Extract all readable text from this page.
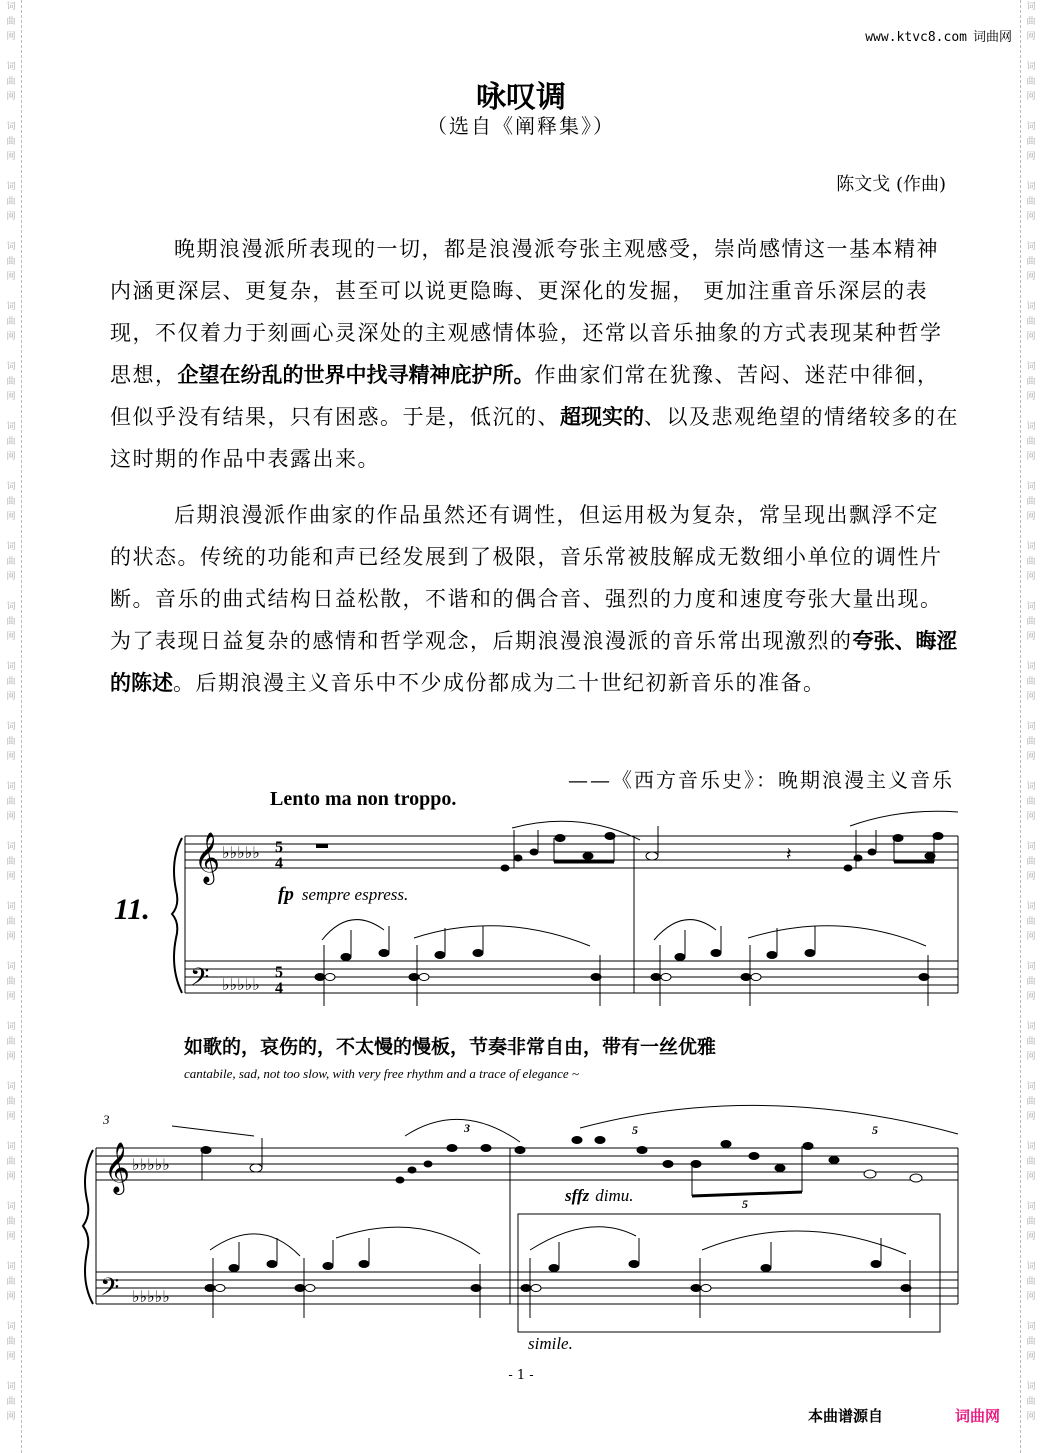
词
曲
网
词
曲
网
词
曲
网
词
曲
网
词
曲
网
词
曲
网
词
曲
网
词
曲
网
词
曲
网
词
曲
网
词
曲
网
词
曲
网
词
曲
网
词
曲
网
词
曲
网
词
曲
网
词
曲
网
词
曲
网
词
曲
网
词
曲
网
词
曲
网
词
曲
网
词
曲
网
词
曲
网
词
曲
网
词
曲
网
词
曲
网
词
曲
网
词
曲
网
词
曲
网
词
曲
网
词
曲
网
词
曲
网
词
曲
网
词
曲
网
词
曲
网
词
曲
网
词
曲
网
词
曲
网
词
曲
网
词
曲
网
词
曲
网
词
曲
网
词
曲
网
词
曲
网
词
曲
网
词
曲
网
词
曲
网
www.ktvc8.com 词曲网
咏叹调
（选自《阐释集》）
陈文戈 (作曲)
晚期浪漫派所表现的一切，都是浪漫派夸张主观感受，崇尚感情这一基本精神内涵更深层、更复杂，甚至可以说更隐晦、更深化的发掘， 更加注重音乐深层的表现，不仅着力于刻画心灵深处的主观感情体验，还常以音乐抽象的方式表现某种哲学思想，企望在纷乱的世界中找寻精神庇护所。作曲家们常在犹豫、苦闷、迷茫中徘徊，但似乎没有结果，只有困惑。于是，低沉的、超现实的、以及悲观绝望的情绪较多的在这时期的作品中表露出来。
后期浪漫派作曲家的作品虽然还有调性，但运用极为复杂，常呈现出飘浮不定的状态。传统的功能和声已经发展到了极限，音乐常被肢解成无数细小单位的调性片断。音乐的曲式结构日益松散，不谐和的偶合音、强烈的力度和速度夸张大量出现。为了表现日益复杂的感情和哲学观念，后期浪漫浪漫派的音乐常出现激烈的夸张、晦涩的陈述。后期浪漫主义音乐中不少成份都成为二十世纪初新音乐的准备。
——《西方音乐史》：晚期浪漫主义音乐
𝄞
𝄢
♭♭♭♭♭
♭♭♭♭♭
𝄞
𝄢
♭♭♭♭♭
♭♭♭♭♭
5
4
5
4
𝄽
3	5
5
5
Lento ma non troppo.
11.	fp sempre espress.
如歌的，哀伤的，不太慢的慢板，节奏非常自由，带有一丝优雅
cantabile, sad, not too slow, with very free rhythm and a trace of elegance ~
3
sffz dimu.
simile.
- 1 -
本曲谱源自	词曲网
